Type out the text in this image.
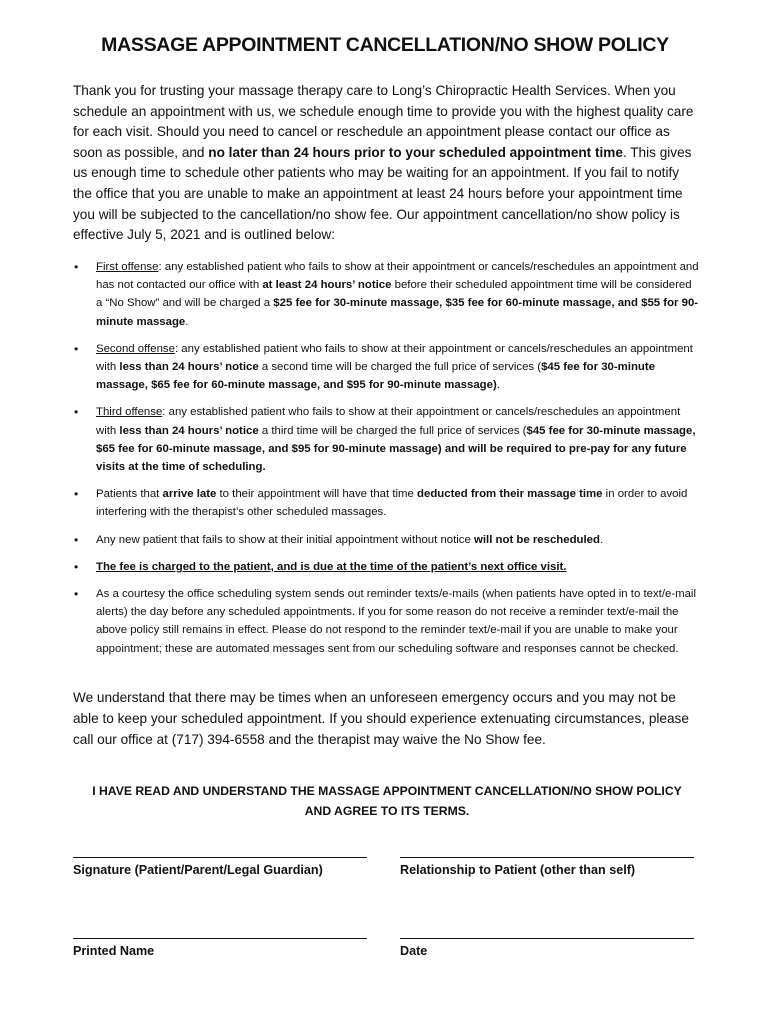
MASSAGE APPOINTMENT CANCELLATION/NO SHOW POLICY

Thank you for trusting your massage therapy care to Long’s Chiropractic Health Services. When you schedule an appointment with us, we schedule enough time to provide you with the highest quality care for each visit. Should you need to cancel or reschedule an appointment please contact our office as soon as possible, and no later than 24 hours prior to your scheduled appointment time. This gives us enough time to schedule other patients who may be waiting for an appointment. If you fail to notify the office that you are unable to make an appointment at least 24 hours before your appointment time you will be subjected to the cancellation/no show fee. Our appointment cancellation/no show policy is effective July 5, 2021 and is outlined below:

• First offense: any established patient who fails to show at their appointment or cancels/reschedules an appointment and has not contacted our office with at least 24 hours’ notice before their scheduled appointment time will be considered a “No Show” and will be charged a $25 fee for 30-minute massage, $35 fee for 60-minute massage, and $55 for 90-minute massage.
• Second offense: any established patient who fails to show at their appointment or cancels/reschedules an appointment with less than 24 hours’ notice a second time will be charged the full price of services ($45 fee for 30-minute massage, $65 fee for 60-minute massage, and $95 for 90-minute massage).
• Third offense: any established patient who fails to show at their appointment or cancels/reschedules an appointment with less than 24 hours’ notice a third time will be charged the full price of services ($45 fee for 30-minute massage, $65 fee for 60-minute massage, and $95 for 90-minute massage) and will be required to pre-pay for any future visits at the time of scheduling.
• Patients that arrive late to their appointment will have that time deducted from their massage time in order to avoid interfering with the therapist’s other scheduled massages.
• Any new patient that fails to show at their initial appointment without notice will not be rescheduled.
• The fee is charged to the patient, and is due at the time of the patient’s next office visit.
• As a courtesy the office scheduling system sends out reminder texts/e-mails (when patients have opted in to text/e-mail alerts) the day before any scheduled appointments. If you for some reason do not receive a reminder text/e-mail the above policy still remains in effect. Please do not respond to the reminder text/e-mail if you are unable to make your appointment; these are automated messages sent from our scheduling software and responses cannot be checked.

We understand that there may be times when an unforeseen emergency occurs and you may not be able to keep your scheduled appointment. If you should experience extenuating circumstances, please call our office at (717) 394-6558 and the therapist may waive the No Show fee.

I HAVE READ AND UNDERSTAND THE MASSAGE APPOINTMENT CANCELLATION/NO SHOW POLICY
AND AGREE TO ITS TERMS.

Signature (Patient/Parent/Legal Guardian)	Relationship to Patient (other than self)
Printed Name	Date
